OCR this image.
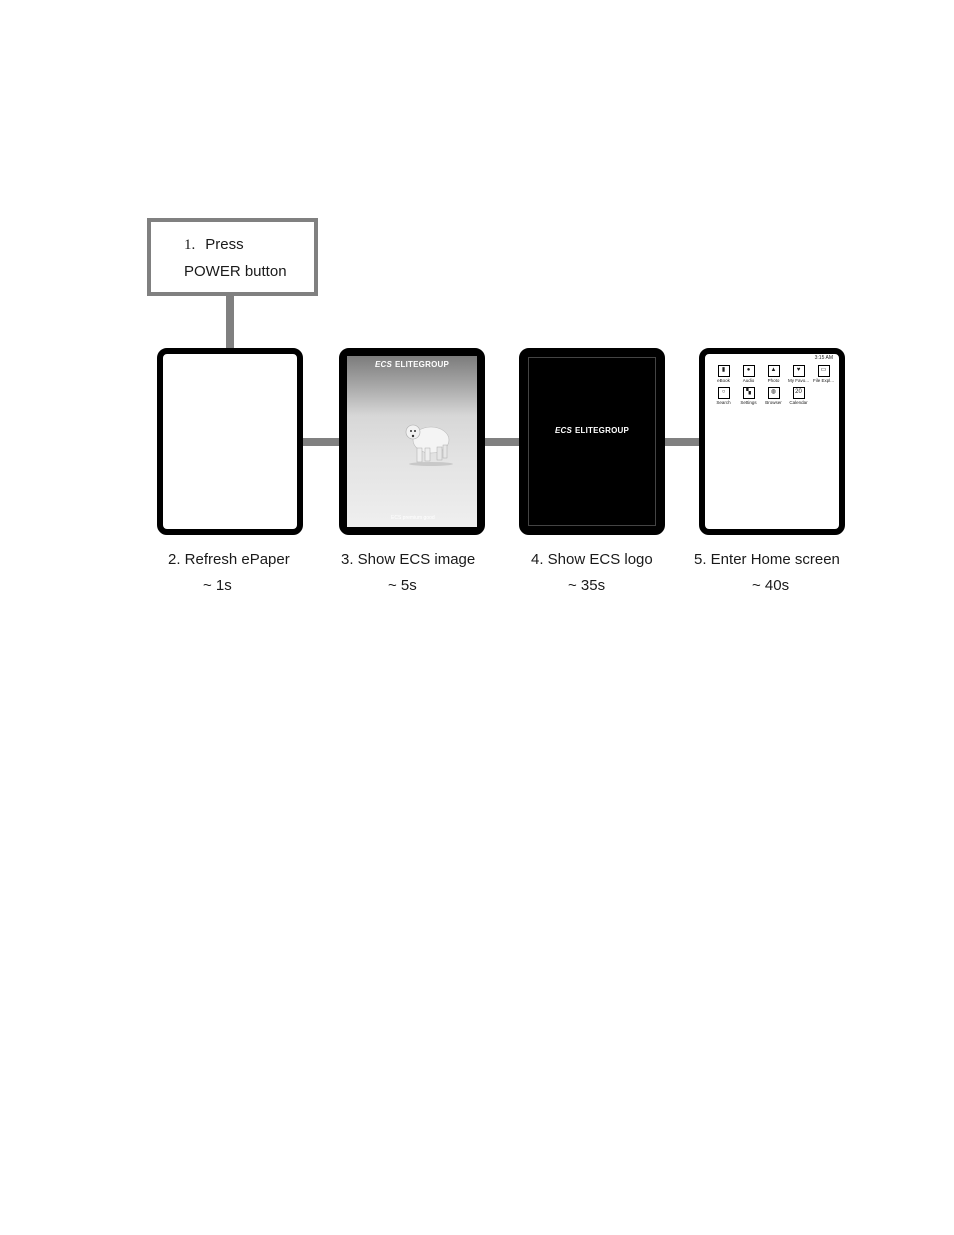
1. Press
POWER button
ECS ELITEGROUP
ECS premium good
ECS ELITEGROUP
3:15 AM
▮
eBook
●
Audio
▲
Photo
♥
My Favo...
▭
File Expl...
○
Search
▚
Settings
◍
Browser
20
Calendar
2. Refresh ePaper
~ 1s
3. Show ECS image
~ 5s
4. Show ECS logo
~ 35s
5. Enter Home screen
~ 40s
